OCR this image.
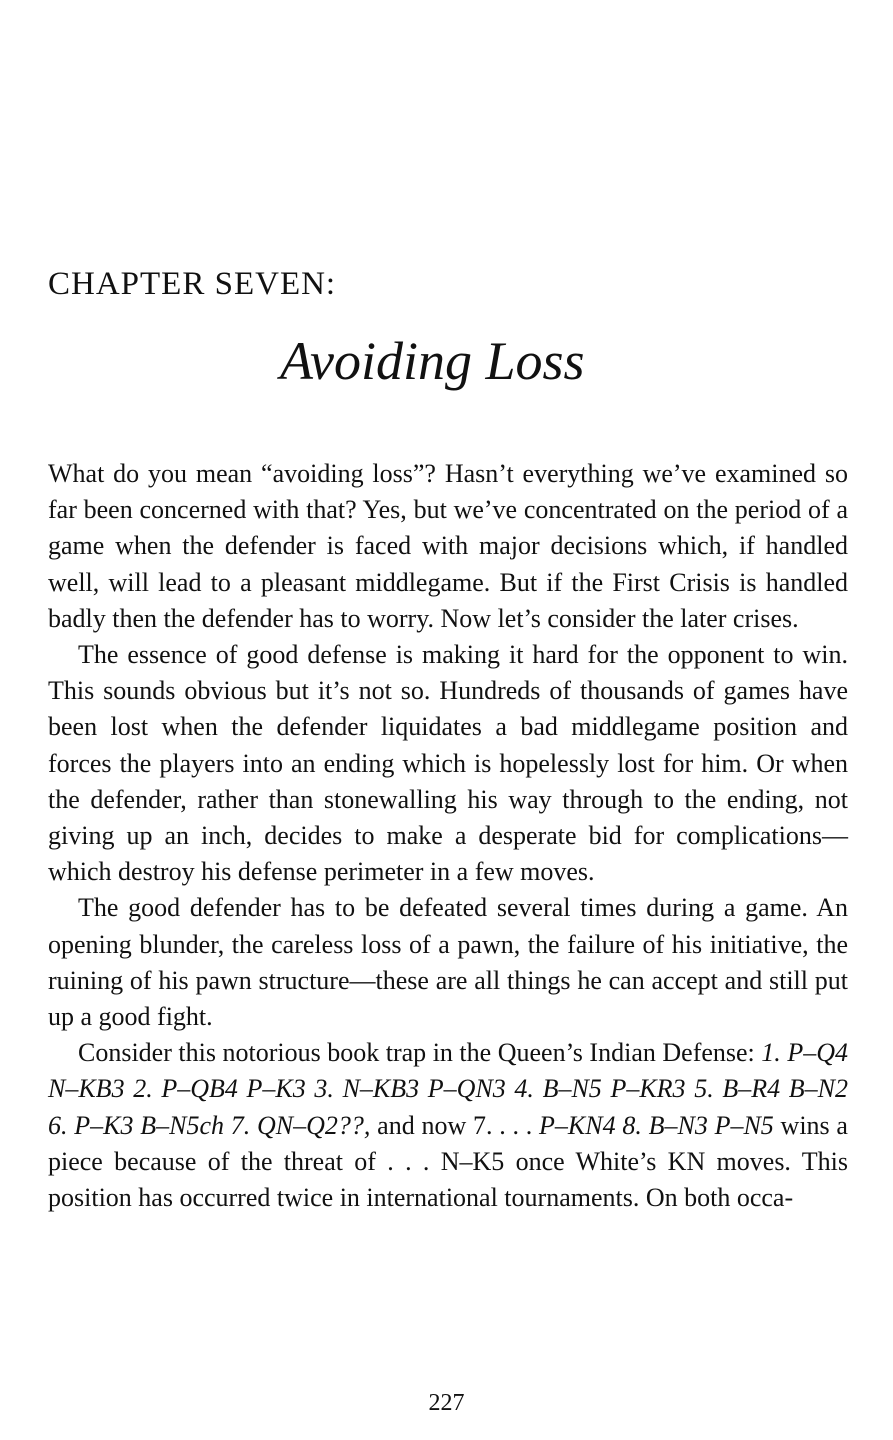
CHAPTER SEVEN:
Avoiding Loss

What do you mean “avoiding loss”? Hasn’t everything we’ve examined so far been concerned with that? Yes, but we’ve concentrated on the period of a game when the defender is faced with major decisions which, if handled well, will lead to a pleasant middlegame. But if the First Crisis is handled badly then the defender has to worry. Now let’s consider the later crises.

The essence of good defense is making it hard for the opponent to win. This sounds obvious but it’s not so. Hundreds of thousands of games have been lost when the defender liquidates a bad middlegame position and forces the players into an ending which is hopelessly lost for him. Or when the defender, rather than stonewalling his way through to the ending, not giving up an inch, decides to make a desperate bid for complications—which destroy his defense perimeter in a few moves.

The good defender has to be defeated several times during a game. An opening blunder, the careless loss of a pawn, the failure of his initiative, the ruining of his pawn structure—these are all things he can accept and still put up a good fight.

Consider this notorious book trap in the Queen’s Indian Defense: 1. P–Q4 N–KB3 2. P–QB4 P–K3 3. N–KB3 P–QN3 4. B–N5 P–KR3 5. B–R4 B–N2 6. P–K3 B–N5ch 7. QN–Q2??, and now 7. . . . P–KN4 8. B–N3 P–N5 wins a piece because of the threat of . . . N–K5 once White’s KN moves. This position has occurred twice in international tournaments. On both occa-

227
